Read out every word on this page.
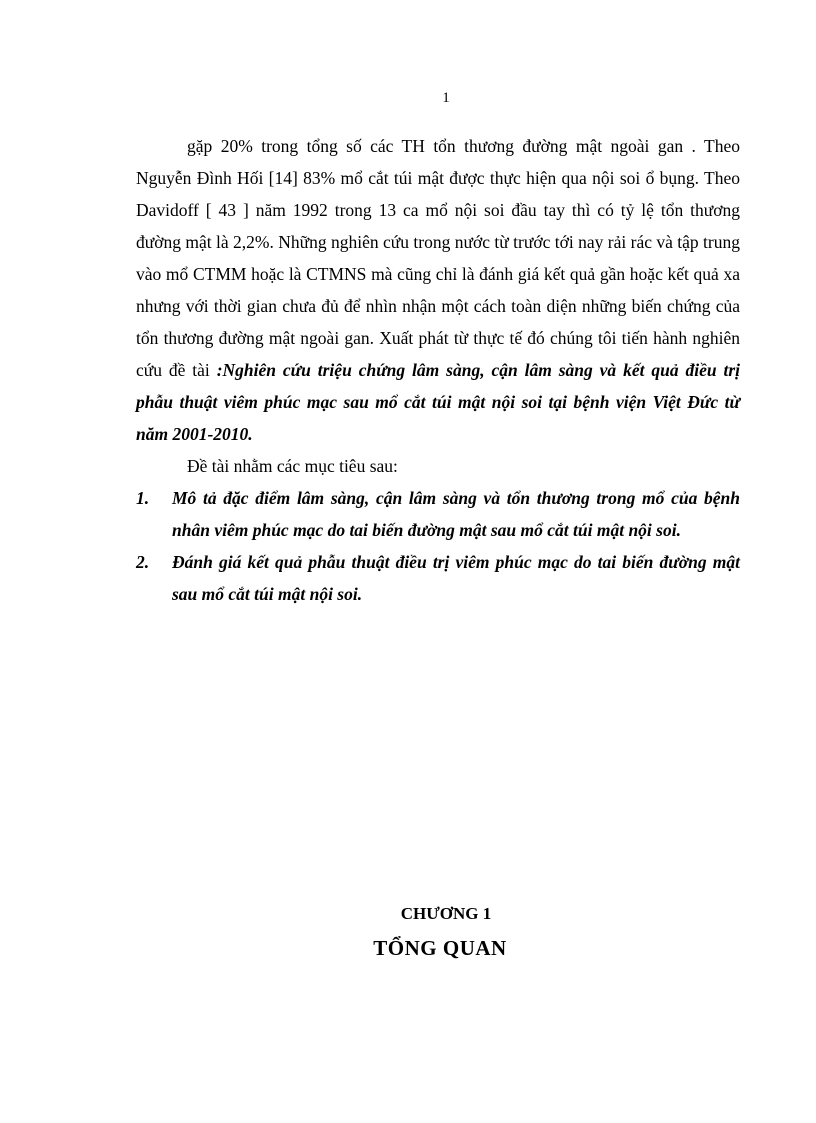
1

gặp 20% trong tổng số các TH tổn thương đường mật ngoài gan . Theo Nguyễn Đình Hối [14] 83% mổ cắt túi mật được thực hiện qua nội soi ổ bụng. Theo Davidoff [ 43 ] năm 1992 trong 13 ca mổ nội soi đầu tay thì có tỷ lệ tổn thương đường mật là 2,2%. Những nghiên cứu trong nước từ trước tới nay rải rác và tập trung vào mổ CTMM hoặc là CTMNS mà cũng chỉ là đánh giá kết quả gần hoặc kết quả xa nhưng với thời gian chưa đủ để nhìn nhận một cách toàn diện những biến chứng của tổn thương đường mật ngoài gan. Xuất phát từ thực tế đó chúng tôi tiến hành nghiên cứu đề tài :Nghiên cứu triệu chứng lâm sàng, cận lâm sàng và kết quả điều trị phẫu thuật viêm phúc mạc sau mổ cắt túi mật nội soi tại bệnh viện Việt Đức từ năm 2001-2010.

Đề tài nhằm các mục tiêu sau:

1.	Mô tả đặc điểm lâm sàng, cận lâm sàng và tổn thương trong mổ của bệnh nhân viêm phúc mạc do tai biến đường mật sau mổ cắt túi mật nội soi.
2.	Đánh giá kết quả phẫu thuật điều trị viêm phúc mạc do tai biến đường mật sau mổ cắt túi mật nội soi.
CHƯƠNG 1
TỔNG QUAN
